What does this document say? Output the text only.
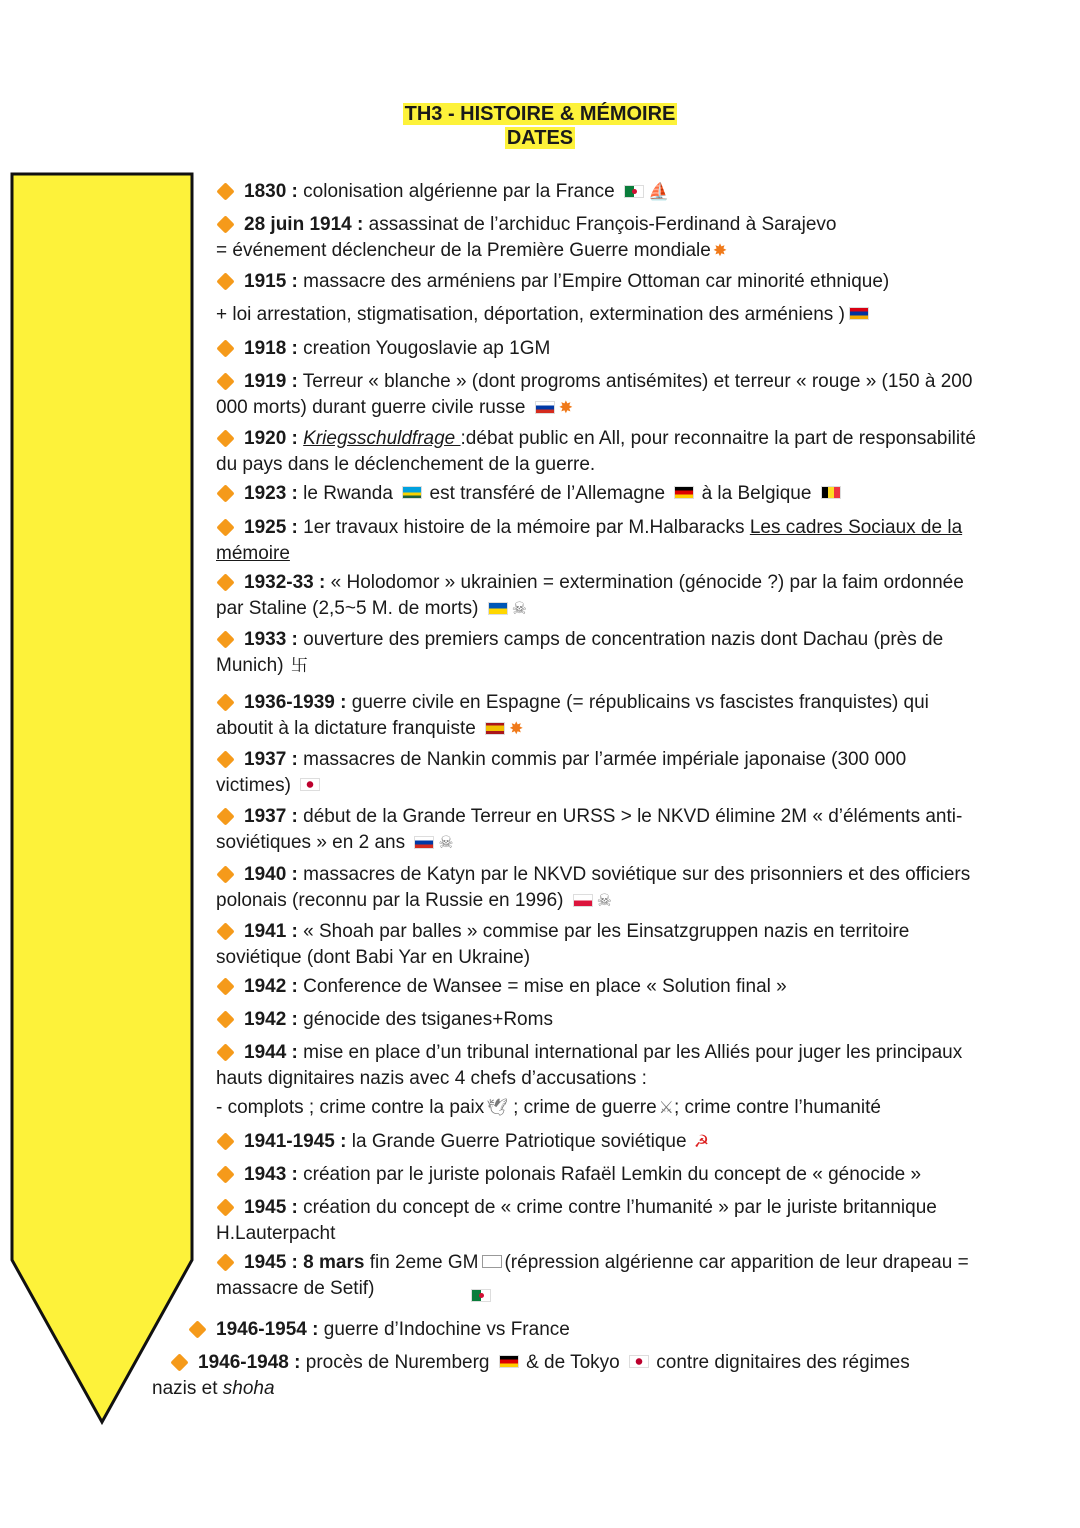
TH3 - HISTOIRE & MÉMOIRE
DATES
1830 : colonisation algérienne par la France ⛵
28 juin 1914 : assassinat de l’archiduc François-Ferdinand à Sarajevo
= événement déclencheur de la Première Guerre mondiale ✸
1915 : massacre des arméniens par l’Empire Ottoman car minorité ethnique)
+ loi arrestation, stigmatisation, déportation, extermination des arméniens )
1918 : creation Yougoslavie ap 1GM
1919 : Terreur « blanche » (dont progroms antisémites) et terreur « rouge » (150 à 200 000 morts) durant guerre civile russe ✸
1920 : Kriegsschuldfrage :débat public en All, pour reconnaitre la part de responsabilité du pays dans le déclenchement de la guerre.
1923 : le Rwanda  est transféré de l’Allemagne  à la Belgique
1925 : 1er travaux histoire de la mémoire par M.Halbaracks Les cadres Sociaux de la mémoire
1932-33 : « Holodomor » ukrainien = extermination (génocide ?) par la faim ordonnée par Staline (2,5~5 M. de morts) ☠
1933 : ouverture des premiers camps de concentration nazis dont Dachau (près de Munich) 卐
1936-1939 : guerre civile en Espagne (= républicains vs fascistes franquistes) qui aboutit à la dictature franquiste ✸
1937 : massacres de Nankin commis par l’armée impériale japonaise (300 000 victimes)
1937 : début de la Grande Terreur en URSS > le NKVD élimine 2M « d’éléments anti-soviétiques » en 2 ans ☠
1940 : massacres de Katyn par le NKVD soviétique sur des prisonniers et des officiers polonais (reconnu par la Russie en 1996) ☠
1941 : « Shoah par balles » commise par les Einsatzgruppen nazis en territoire soviétique (dont Babi Yar en Ukraine)
1942 : Conference de Wansee = mise en place « Solution final »
1942 : génocide des tsiganes+Roms
1944 : mise en place d’un tribunal international par les Alliés pour juger les principaux hauts dignitaires nazis avec 4 chefs d’accusations :
- complots ; crime contre la paix 🕊 ; crime de guerre ⚔; crime contre l’humanité
1941-1945 : la Grande Guerre Patriotique soviétique ☭
1943 : création par le juriste polonais Rafaël Lemkin du concept de « génocide »
1945 : création du concept de « crime contre l’humanité » par le juriste britannique H.Lauterpacht
1945 : 8 mars fin 2eme GM (répression algérienne car apparition de leur drapeau = massacre de Setif)
1946-1954 : guerre d’Indochine vs France
1946-1948 : procès de Nuremberg  & de Tokyo  contre dignitaires des régimes nazis et shoha
